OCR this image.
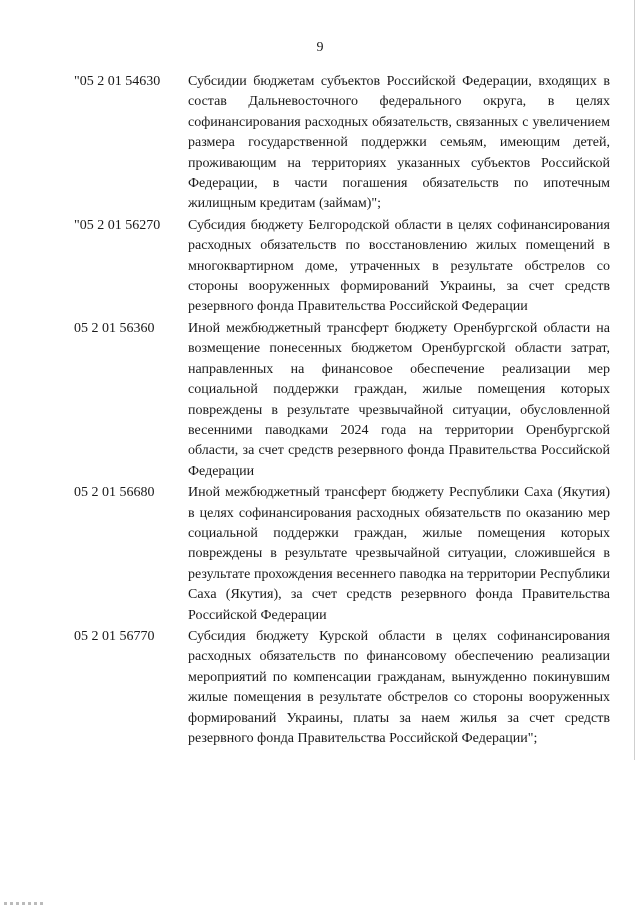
9
"05 2 01 54630	Субсидии бюджетам субъектов Российской Федерации, входящих в состав Дальневосточного федерального округа, в целях софинансирования расходных обязательств, связанных с увеличением размера государственной поддержки семьям, имеющим детей, проживающим на территориях указанных субъектов Российской Федерации, в части погашения обязательств по ипотечным жилищным кредитам (займам)";
"05 2 01 56270	Субсидия бюджету Белгородской области в целях софинансирования расходных обязательств по восстановлению жилых помещений в многоквартирном доме, утраченных в результате обстрелов со стороны вооруженных формирований Украины, за счет средств резервного фонда Правительства Российской Федерации
05 2 01 56360	Иной межбюджетный трансферт бюджету Оренбургской области на возмещение понесенных бюджетом Оренбургской области затрат, направленных на финансовое обеспечение реализации мер социальной поддержки граждан, жилые помещения которых повреждены в результате чрезвычайной ситуации, обусловленной весенними паводками 2024 года на территории Оренбургской области, за счет средств резервного фонда Правительства Российской Федерации
05 2 01 56680	Иной межбюджетный трансферт бюджету Республики Саха (Якутия) в целях софинансирования расходных обязательств по оказанию мер социальной поддержки граждан, жилые помещения которых повреждены в результате чрезвычайной ситуации, сложившейся в результате прохождения весеннего паводка на территории Республики Саха (Якутия), за счет средств резервного фонда Правительства Российской Федерации
05 2 01 56770	Субсидия бюджету Курской области в целях софинансирования расходных обязательств по финансовому обеспечению реализации мероприятий по компенсации гражданам, вынужденно покинувшим жилые помещения в результате обстрелов со стороны вооруженных формирований Украины, платы за наем жилья за счет средств резервного фонда Правительства Российской Федерации";
